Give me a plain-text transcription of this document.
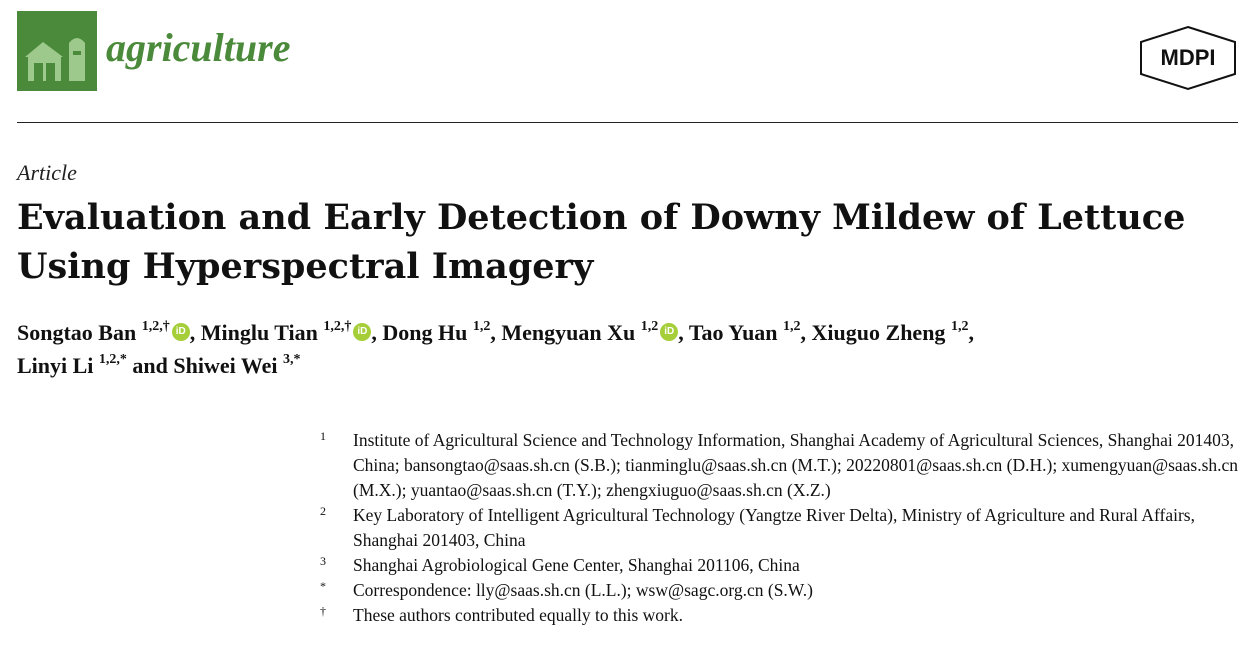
agriculture	MDPI
Article
Evaluation and Early Detection of Downy Mildew of Lettuce Using Hyperspectral Imagery
Songtao Ban $^{1,2,\dagger}$ iD , Minglu Tian $^{1,2,\dagger}$ iD , Dong Hu $^{1,2}$, Mengyuan Xu $^{1,2}$ iD , Tao Yuan $^{1,2}$, Xiuguo Zheng $^{1,2}$,
Linyi Li $^{1,2,*}$ and Shiwei Wei $^{3,*}$
1	Institute of Agricultural Science and Technology Information, Shanghai Academy of Agricultural Sciences, Shanghai 201403, China; bansongtao@saas.sh.cn (S.B.); tianminglu@saas.sh.cn (M.T.); 20220801@saas.sh.cn (D.H.); xumengyuan@saas.sh.cn (M.X.); yuantao@saas.sh.cn (T.Y.); zhengxiuguo@saas.sh.cn (X.Z.)
2	Key Laboratory of Intelligent Agricultural Technology (Yangtze River Delta), Ministry of Agriculture and Rural Affairs, Shanghai 201403, China
3	Shanghai Agrobiological Gene Center, Shanghai 201106, China
*	Correspondence: lly@saas.sh.cn (L.L.); wsw@sagc.org.cn (S.W.)
†	These authors contributed equally to this work.
